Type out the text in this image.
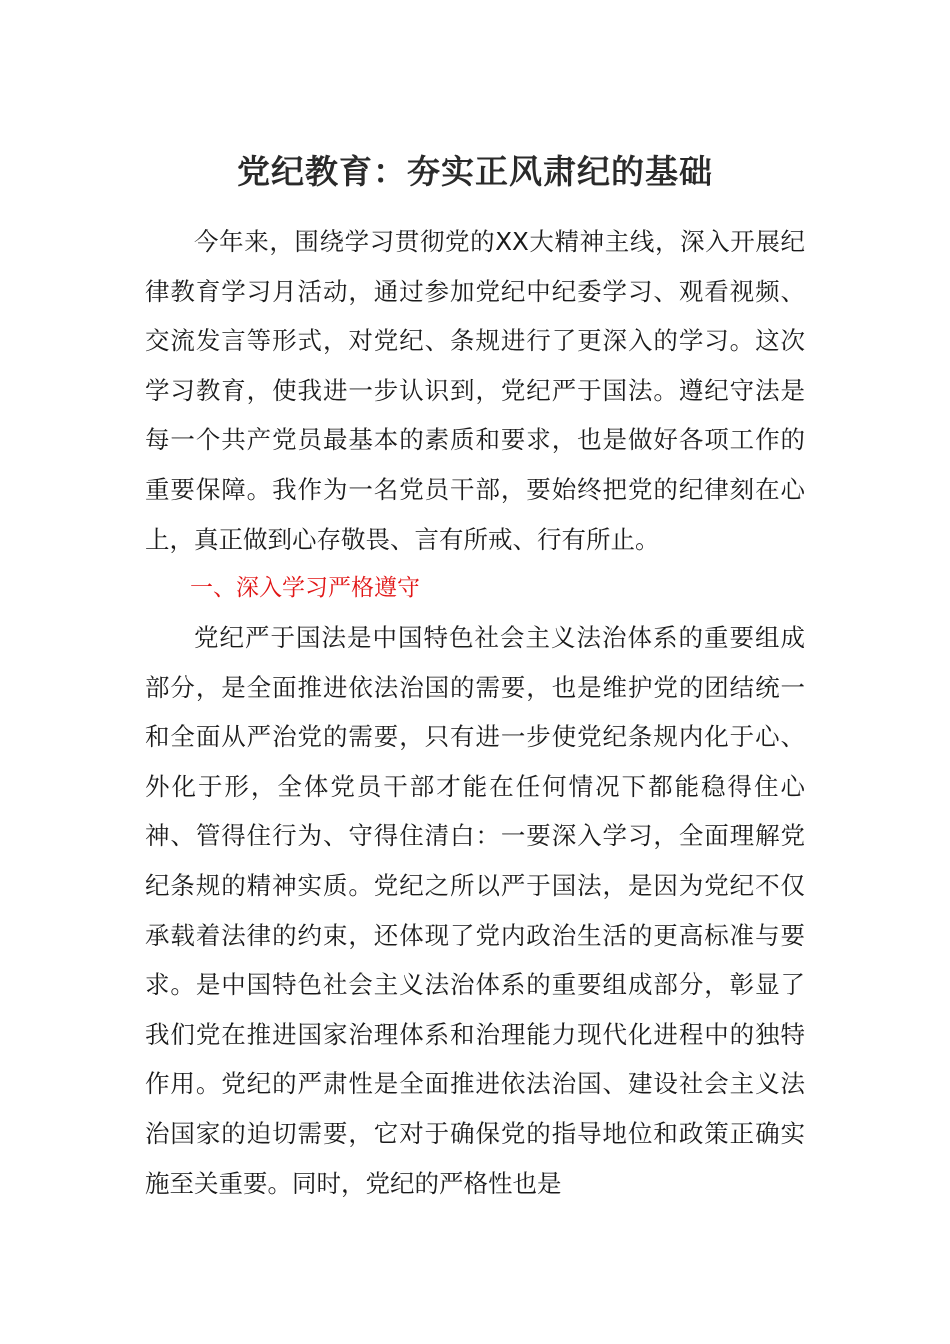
党纪教育：夯实正风肃纪的基础

今年来，围绕学习贯彻党的XX大精神主线，深入开展纪律教育学习月活动，通过参加党纪中纪委学习、观看视频、交流发言等形式，对党纪、条规进行了更深入的学习。这次学习教育，使我进一步认识到，党纪严于国法。遵纪守法是每一个共产党员最基本的素质和要求，也是做好各项工作的重要保障。我作为一名党员干部，要始终把党的纪律刻在心上，真正做到心存敬畏、言有所戒、行有所止。

一、深入学习严格遵守

党纪严于国法是中国特色社会主义法治体系的重要组成部分，是全面推进依法治国的需要，也是维护党的团结统一和全面从严治党的需要，只有进一步使党纪条规内化于心、外化于形，全体党员干部才能在任何情况下都能稳得住心神、管得住行为、守得住清白：一要深入学习，全面理解党纪条规的精神实质。党纪之所以严于国法，是因为党纪不仅承载着法律的约束，还体现了党内政治生活的更高标准与要求。是中国特色社会主义法治体系的重要组成部分，彰显了我们党在推进国家治理体系和治理能力现代化进程中的独特作用。党纪的严肃性是全面推进依法治国、建设社会主义法治国家的迫切需要，它对于确保党的指导地位和政策正确实施至关重要。同时，党纪的严格性也是
